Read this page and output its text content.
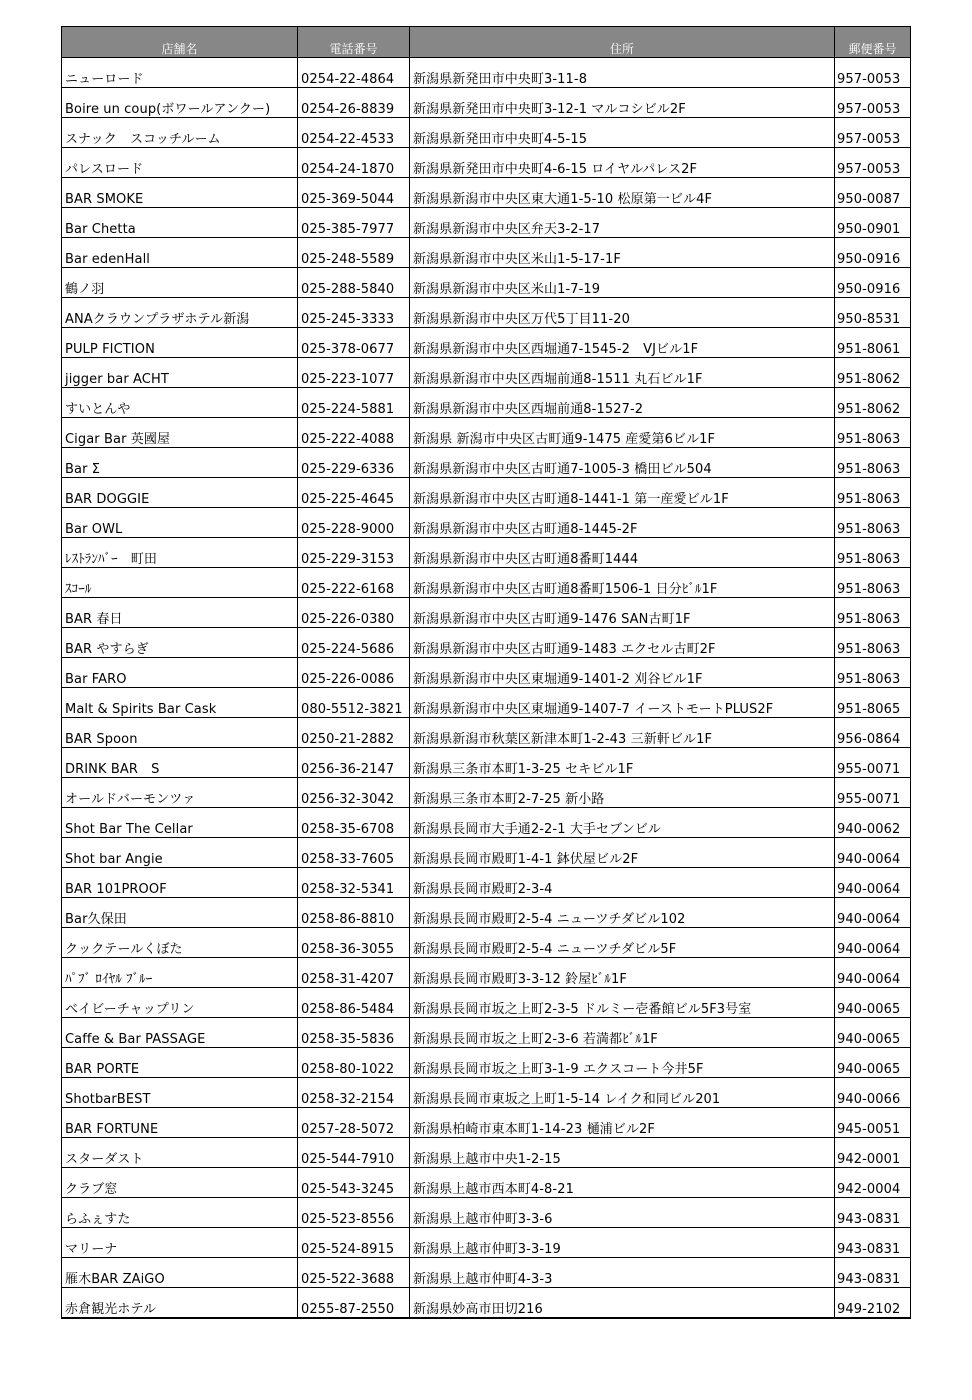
店舗名	電話番号	住所	郵便番号
ニューロード	0254-22-4864	新潟県新発田市中央町3-11-8	957-0053
Boire un coup(ボワールアンクー)	0254-26-8839	新潟県新発田市中央町3-12-1 マルコシビル2F	957-0053
スナック　スコッチルーム	0254-22-4533	新潟県新発田市中央町4-5-15	957-0053
パレスロード	0254-24-1870	新潟県新発田市中央町4-6-15 ロイヤルパレス2F	957-0053
BAR SMOKE	025-369-5044	新潟県新潟市中央区東大通1-5-10 松原第一ビル4F	950-0087
Bar Chetta	025-385-7977	新潟県新潟市中央区弁天3-2-17	950-0901
Bar edenHall	025-248-5589	新潟県新潟市中央区米山1-5-17-1F	950-0916
鶴ノ羽	025-288-5840	新潟県新潟市中央区米山1-7-19	950-0916
ANAクラウンプラザホテル新潟	025-245-3333	新潟県新潟市中央区万代5丁目11-20	950-8531
PULP FICTION	025-378-0677	新潟県新潟市中央区西堀通7-1545-2　VJビル1F	951-8061
jigger bar ACHT	025-223-1077	新潟県新潟市中央区西堀前通8-1511 丸石ビル1F	951-8062
すいとんや	025-224-5881	新潟県新潟市中央区西堀前通8-1527-2	951-8062
Cigar Bar 英國屋	025-222-4088	新潟県 新潟市中央区古町通9-1475 産愛第6ビル1F	951-8063
Bar Σ	025-229-6336	新潟県新潟市中央区古町通7-1005-3 橋田ビル504	951-8063
BAR DOGGIE	025-225-4645	新潟県新潟市中央区古町通8-1441-1 第一産愛ビル1F	951-8063
Bar OWL	025-228-9000	新潟県新潟市中央区古町通8-1445-2F	951-8063
ﾚｽﾄﾗﾝﾊﾞｰ　町田	025-229-3153	新潟県新潟市中央区古町通8番町1444	951-8063
ｽｺｰﾙ	025-222-6168	新潟県新潟市中央区古町通8番町1506-1 日分ﾋﾞﾙ1F	951-8063
BAR 春日	025-226-0380	新潟県新潟市中央区古町通9-1476 SAN古町1F	951-8063
BAR やすらぎ	025-224-5686	新潟県新潟市中央区古町通9-1483 エクセル古町2F	951-8063
Bar FARO	025-226-0086	新潟県新潟市中央区東堀通9-1401-2 刈谷ビル1F	951-8063
Malt & Spirits Bar Cask	080-5512-3821	新潟県新潟市中央区東堀通9-1407-7 イーストモートPLUS2F	951-8065
BAR Spoon	0250-21-2882	新潟県新潟市秋葉区新津本町1-2-43 三新軒ビル1F	956-0864
DRINK BAR　S	0256-36-2147	新潟県三条市本町1-3-25 セキビル1F	955-0071
オールドバーモンツァ	0256-32-3042	新潟県三条市本町2-7-25 新小路	955-0071
Shot Bar The Cellar	0258-35-6708	新潟県長岡市大手通2-2-1 大手セブンビル	940-0062
Shot bar Angie	0258-33-7605	新潟県長岡市殿町1-4-1 鉢伏屋ビル2F	940-0064
BAR 101PROOF	0258-32-5341	新潟県長岡市殿町2-3-4	940-0064
Bar久保田	0258-86-8810	新潟県長岡市殿町2-5-4 ニューツチダビル102	940-0064
クックテールくぼた	0258-36-3055	新潟県長岡市殿町2-5-4 ニューツチダビル5F	940-0064
ﾊﾟﾌﾞ ﾛｲﾔﾙ ﾌﾞﾙｰ	0258-31-4207	新潟県長岡市殿町3-3-12 鈴屋ﾋﾞﾙ1F	940-0064
ベイビーチャップリン	0258-86-5484	新潟県長岡市坂之上町2-3-5 ドルミー壱番館ビル5F3号室	940-0065
Caffe & Bar PASSAGE	0258-35-5836	新潟県長岡市坂之上町2-3-6 若満都ﾋﾞﾙ1F	940-0065
BAR PORTE	0258-80-1022	新潟県長岡市坂之上町3-1-9 エクスコート今井5F	940-0065
ShotbarBEST	0258-32-2154	新潟県長岡市東坂之上町1-5-14 レイク和同ビル201	940-0066
BAR FORTUNE	0257-28-5072	新潟県柏崎市東本町1-14-23 樋浦ビル2F	945-0051
スターダスト	025-544-7910	新潟県上越市中央1-2-15	942-0001
クラブ窓	025-543-3245	新潟県上越市西本町4-8-21	942-0004
らふぇすた	025-523-8556	新潟県上越市仲町3-3-6	943-0831
マリーナ	025-524-8915	新潟県上越市仲町3-3-19	943-0831
雁木BAR ZAiGO	025-522-3688	新潟県上越市仲町4-3-3	943-0831
赤倉観光ホテル	0255-87-2550	新潟県妙高市田切216	949-2102
